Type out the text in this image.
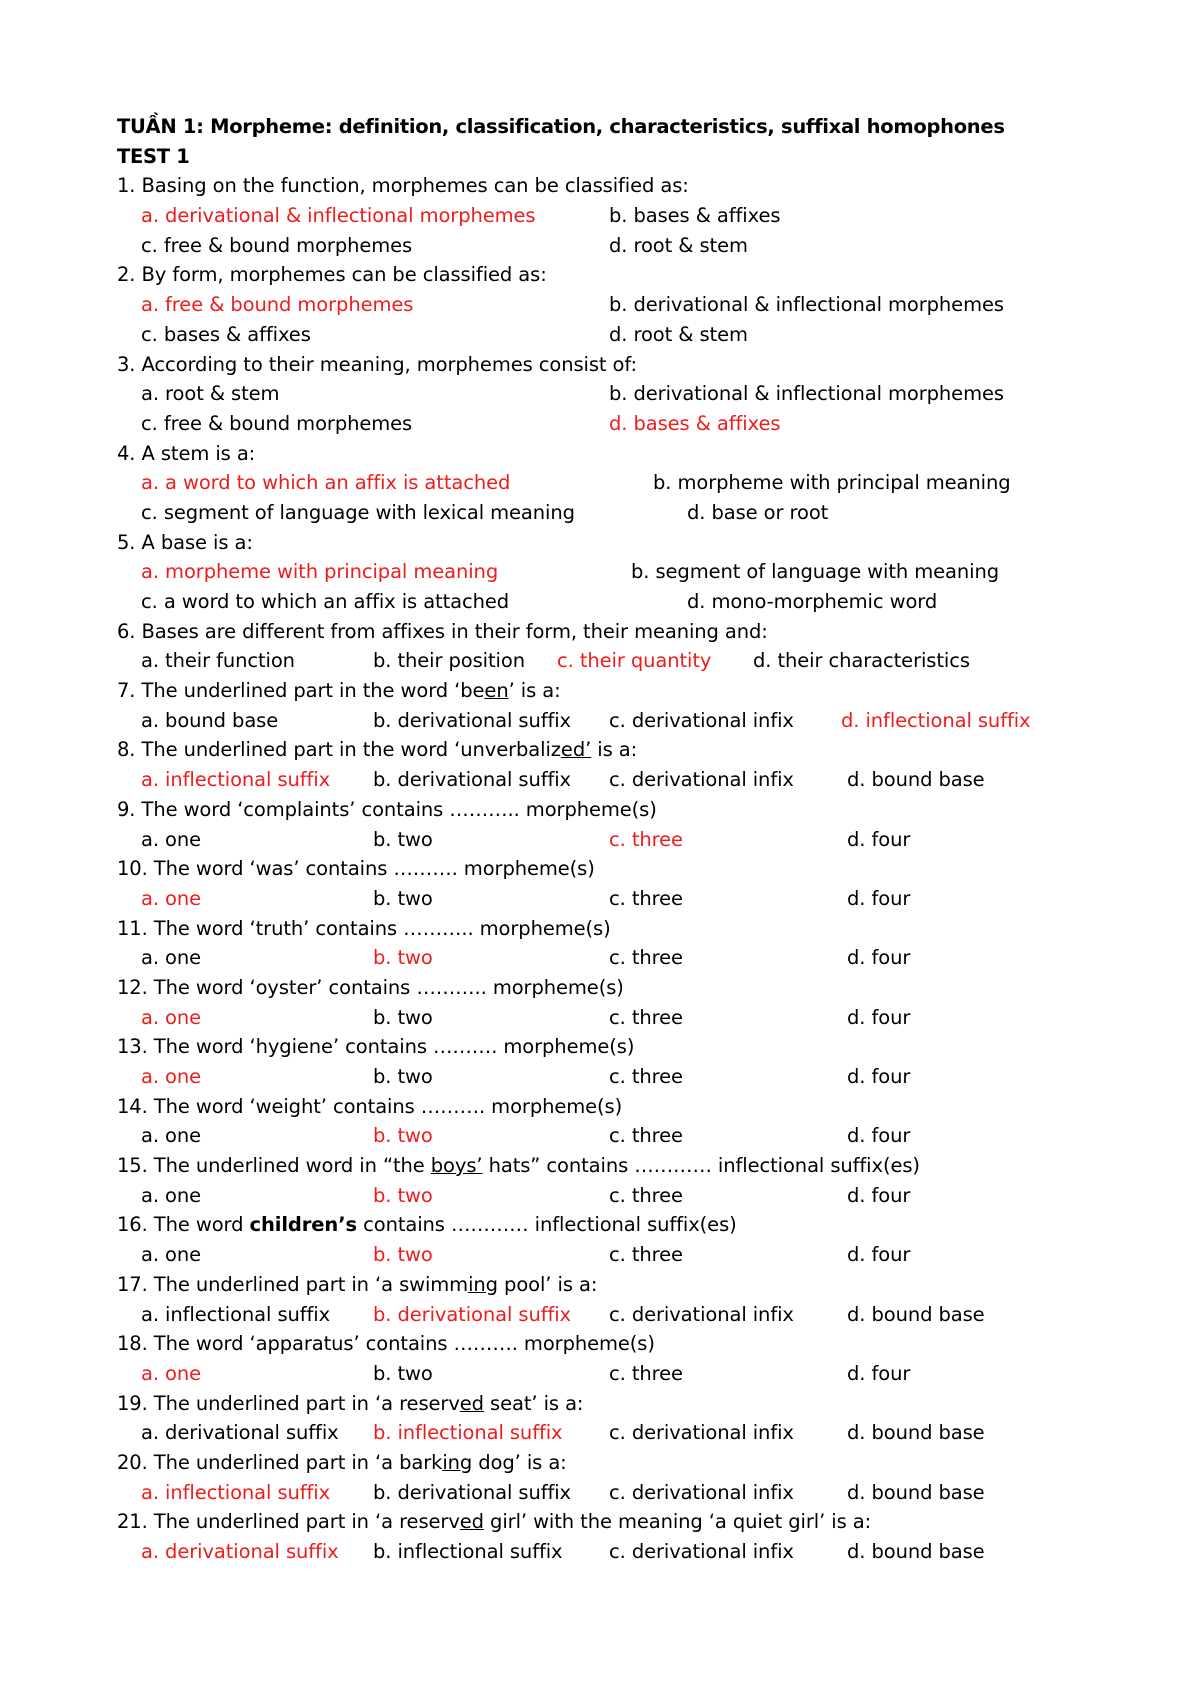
TUẦN 1: Morpheme: definition, classification, characteristics, suffixal homophones
TEST 1
1. Basing on the function, morphemes can be classified as:
a. derivational & inflectional morphemes	b. bases & affixes
c. free & bound morphemes	d. root & stem
2. By form, morphemes can be classified as:
a. free & bound morphemes	b. derivational & inflectional morphemes
c. bases & affixes	d. root & stem
3. According to their meaning, morphemes consist of:
a. root & stem	b. derivational & inflectional morphemes
c. free & bound morphemes	d. bases & affixes
4. A stem is a:
a. a word to which an affix is attached	b. morpheme with principal meaning
c. segment of language with lexical meaning	d. base or root
5. A base is a:
a. morpheme with principal meaning	b. segment of language with meaning
c. a word to which an affix is attached	d. mono-morphemic word
6. Bases are different from affixes in their form, their meaning and:
a. their function	b. their position c. their quantity d. their characteristics
7. The underlined part in the word ‘been’ is a:
a. bound base	b. derivational suffix c. derivational infix d. inflectional suffix
8. The underlined part in the word ‘unverbalized’ is a:
a. inflectional suffix b. derivational suffix c. derivational infix	d. bound base
9. The word ‘complaints’ contains ……….. morpheme(s)
a. one	b. two	c. three	d. four
10. The word ‘was’ contains ………. morpheme(s)
a. one	b. two	c. three	d. four
11. The word ‘truth’ contains ……….. morpheme(s)
a. one	b. two	c. three	d. four
12. The word ‘oyster’ contains ……….. morpheme(s)
a. one	b. two	c. three	d. four
13. The word ‘hygiene’ contains ………. morpheme(s)
a. one	b. two	c. three	d. four
14. The word ‘weight’ contains ………. morpheme(s)
a. one	b. two	c. three	d. four
15. The underlined word in “the boys’ hats” contains ………… inflectional suffix(es)
a. one	b. two	c. three	d. four
16. The word children’s contains ………… inflectional suffix(es)
a. one	b. two	c. three	d. four
17. The underlined part in ‘a swimming pool’ is a:
a. inflectional suffix b. derivational suffix c. derivational infix	d. bound base
18. The word ‘apparatus’ contains ………. morpheme(s)
a. one	b. two	c. three	d. four
19. The underlined part in ‘a reserved seat’ is a:
a. derivational suffix b. inflectional suffix c. derivational infix	d. bound base
20. The underlined part in ‘a barking dog’ is a:
a. inflectional suffix b. derivational suffix c. derivational infix	d. bound base
21. The underlined part in ‘a reserved girl’ with the meaning ‘a quiet girl’ is a:
a. derivational suffix b. inflectional suffix c. derivational infix	d. bound base
